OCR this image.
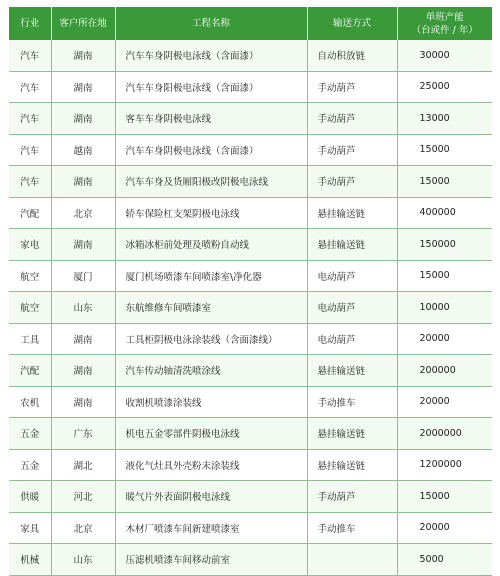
行业	客户所在地	工程名称	输送方式	单班产能
（台或件 / 年）

汽车	湖南	汽车车身阴极电泳线（含面漆）	自动积放链	30000
汽车	湖南	汽车车身阳极电泳线（含面漆）	手动葫芦	25000
汽车	湖南	客车车身阴极电泳线	手动葫芦	13000
汽车	越南	汽车车身阴极电泳线（含面漆）	手动葫芦	15000
汽车	湖南	汽车车身及货厢阳极改阴极电泳线	手动葫芦	15000
汽配	北京	轿车保险杠支架阴极电泳线	悬挂输送链	400000
家电	湖南	冰箱冰柜前处理及喷粉自动线	悬挂输送链	150000
航空	厦门	厦门机场喷漆车间喷漆室\净化器	电动葫芦	15000
航空	山东	东航维修车间喷漆室	电动葫芦	10000
工具	湖南	工具柜阴极电泳涂装线（含面漆线）	电动葫芦	20000
汽配	湖南	汽车传动轴清洗喷涂线	悬挂输送链	200000
农机	湖南	收割机喷漆涂装线	手动推车	20000
五金	广东	机电五金零部件阴极电泳线	悬挂输送链	2000000
五金	湖北	液化气灶具外壳粉末涂装线	悬挂输送链	1200000
供暖	河北	暖气片外表面阴极电泳线	手动葫芦	15000
家具	北京	木材厂喷漆车间新建喷漆室	手动推车	20000
机械	山东	压滤机喷漆车间移动前室		5000
